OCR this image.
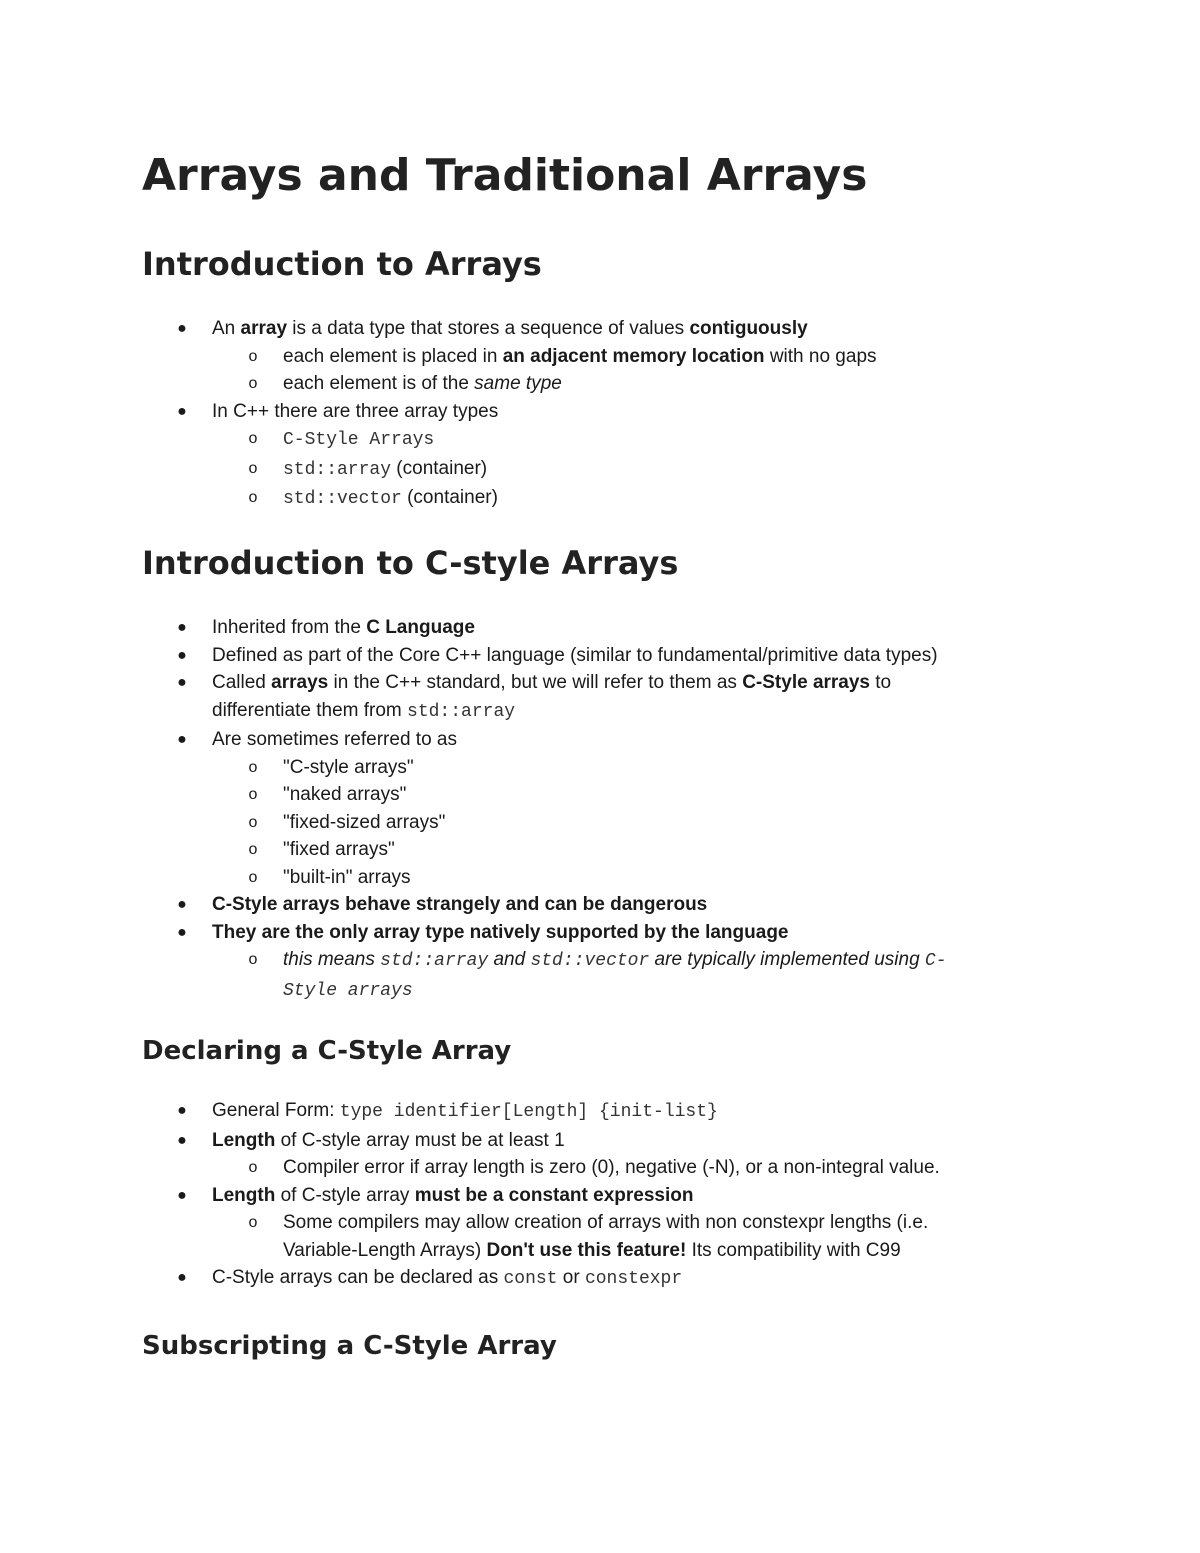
Arrays and Traditional Arrays
Introduction to Arrays
● An array is a data type that stores a sequence of values contiguously
o each element is placed in an adjacent memory location with no gaps
o each element is of the same type
● In C++ there are three array types
o C-Style Arrays
o std::array (container)
o std::vector (container)
Introduction to C-style Arrays
● Inherited from the C Language
● Defined as part of the Core C++ language (similar to fundamental/primitive data types)
● Called arrays in the C++ standard, but we will refer to them as C-Style arrays to
differentiate them from std::array
● Are sometimes referred to as
o "C-style arrays"
o "naked arrays"
o "fixed-sized arrays"
o "fixed arrays"
o "built-in" arrays
● C-Style arrays behave strangely and can be dangerous
● They are the only array type natively supported by the language
o this means std::array and std::vector are typically implemented using C-
Style arrays
Declaring a C-Style Array
● General Form: type identifier[Length] {init-list}
● Length of C-style array must be at least 1
o Compiler error if array length is zero (0), negative (-N), or a non-integral value.
● Length of C-style array must be a constant expression
o Some compilers may allow creation of arrays with non constexpr lengths (i.e.
Variable-Length Arrays) Don't use this feature! Its compatibility with C99
● C-Style arrays can be declared as const or constexpr
Subscripting a C-Style Array
